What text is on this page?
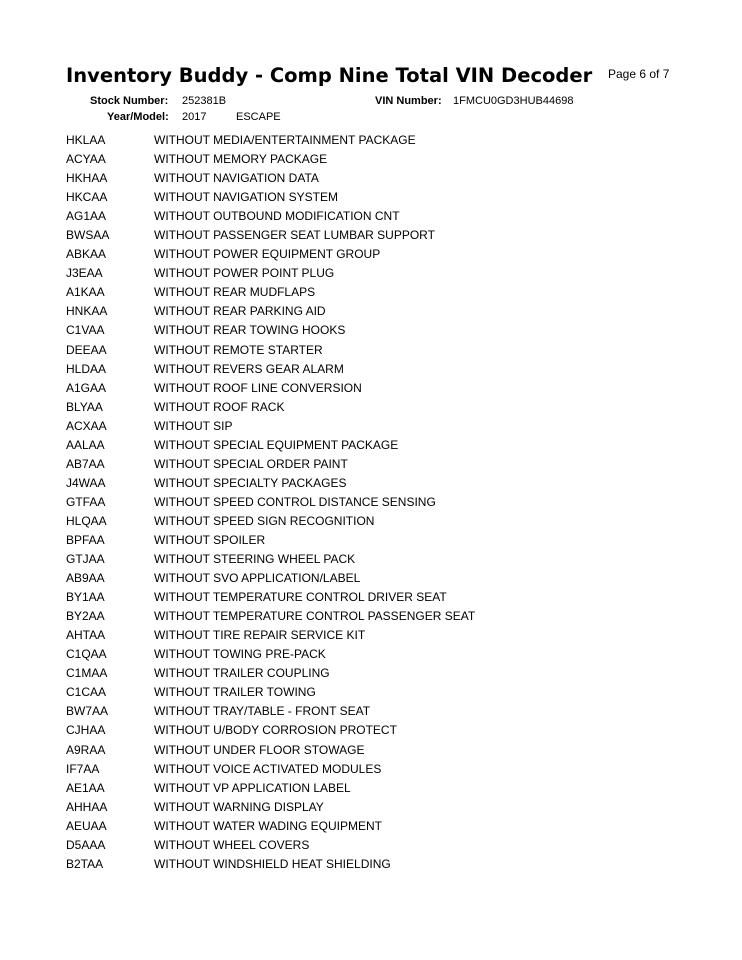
Inventory Buddy - Comp Nine Total VIN Decoder Page 6 of 7
Stock Number: 252381B	VIN Number: 1FMCU0GD3HUB44698
Year/Model: 2017	ESCAPE
HKLAA	WITHOUT MEDIA/ENTERTAINMENT PACKAGE
ACYAA	WITHOUT MEMORY PACKAGE
HKHAA	WITHOUT NAVIGATION DATA
HKCAA	WITHOUT NAVIGATION SYSTEM
AG1AA	WITHOUT OUTBOUND MODIFICATION CNT
BWSAA	WITHOUT PASSENGER SEAT LUMBAR SUPPORT
ABKAA	WITHOUT POWER EQUIPMENT GROUP
J3EAA	WITHOUT POWER POINT PLUG
A1KAA	WITHOUT REAR MUDFLAPS
HNKAA	WITHOUT REAR PARKING AID
C1VAA	WITHOUT REAR TOWING HOOKS
DEEAA	WITHOUT REMOTE STARTER
HLDAA	WITHOUT REVERS GEAR ALARM
A1GAA	WITHOUT ROOF LINE CONVERSION
BLYAA	WITHOUT ROOF RACK
ACXAA	WITHOUT SIP
AALAA	WITHOUT SPECIAL EQUIPMENT PACKAGE
AB7AA	WITHOUT SPECIAL ORDER PAINT
J4WAA	WITHOUT SPECIALTY PACKAGES
GTFAA	WITHOUT SPEED CONTROL DISTANCE SENSING
HLQAA	WITHOUT SPEED SIGN RECOGNITION
BPFAA	WITHOUT SPOILER
GTJAA	WITHOUT STEERING WHEEL PACK
AB9AA	WITHOUT SVO APPLICATION/LABEL
BY1AA	WITHOUT TEMPERATURE CONTROL DRIVER SEAT
BY2AA	WITHOUT TEMPERATURE CONTROL PASSENGER SEAT
AHTAA	WITHOUT TIRE REPAIR SERVICE KIT
C1QAA	WITHOUT TOWING PRE-PACK
C1MAA	WITHOUT TRAILER COUPLING
C1CAA	WITHOUT TRAILER TOWING
BW7AA	WITHOUT TRAY/TABLE - FRONT SEAT
CJHAA	WITHOUT U/BODY CORROSION PROTECT
A9RAA	WITHOUT UNDER FLOOR STOWAGE
IF7AA	WITHOUT VOICE ACTIVATED MODULES
AE1AA	WITHOUT VP APPLICATION LABEL
AHHAA	WITHOUT WARNING DISPLAY
AEUAA	WITHOUT WATER WADING EQUIPMENT
D5AAA	WITHOUT WHEEL COVERS
B2TAA	WITHOUT WINDSHIELD HEAT SHIELDING
